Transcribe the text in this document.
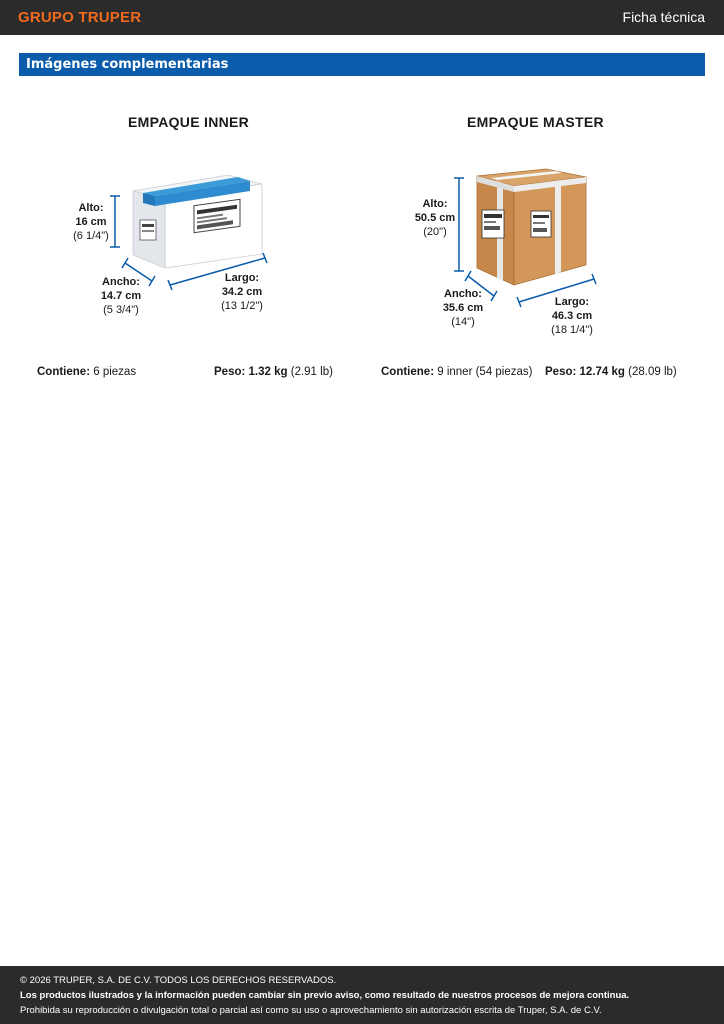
GRUPO TRUPER	Ficha técnica
Imágenes complementarias
EMPAQUE INNER	EMPAQUE MASTER
Alto:
16 cm
(6 1/4")
Ancho:
14.7 cm
(5 3/4")
Largo:
34.2 cm
(13 1/2")
Alto:
50.5 cm
(20")
Ancho:
35.6 cm
(14")
Largo:
46.3 cm
(18 1/4")
Contiene: 6 piezas	Peso: 1.32 kg (2.91 lb)	Contiene: 9 inner (54 piezas) Peso: 12.74 kg (28.09 lb)
© 2026 TRUPER, S.A. DE C.V. TODOS LOS DERECHOS RESERVADOS.
Los productos ilustrados y la información pueden cambiar sin previo aviso, como resultado de nuestros procesos de mejora continua.
Prohibida su reproducción o divulgación total o parcial así como su uso o aprovechamiento sin autorización escrita de Truper, S.A. de C.V.
